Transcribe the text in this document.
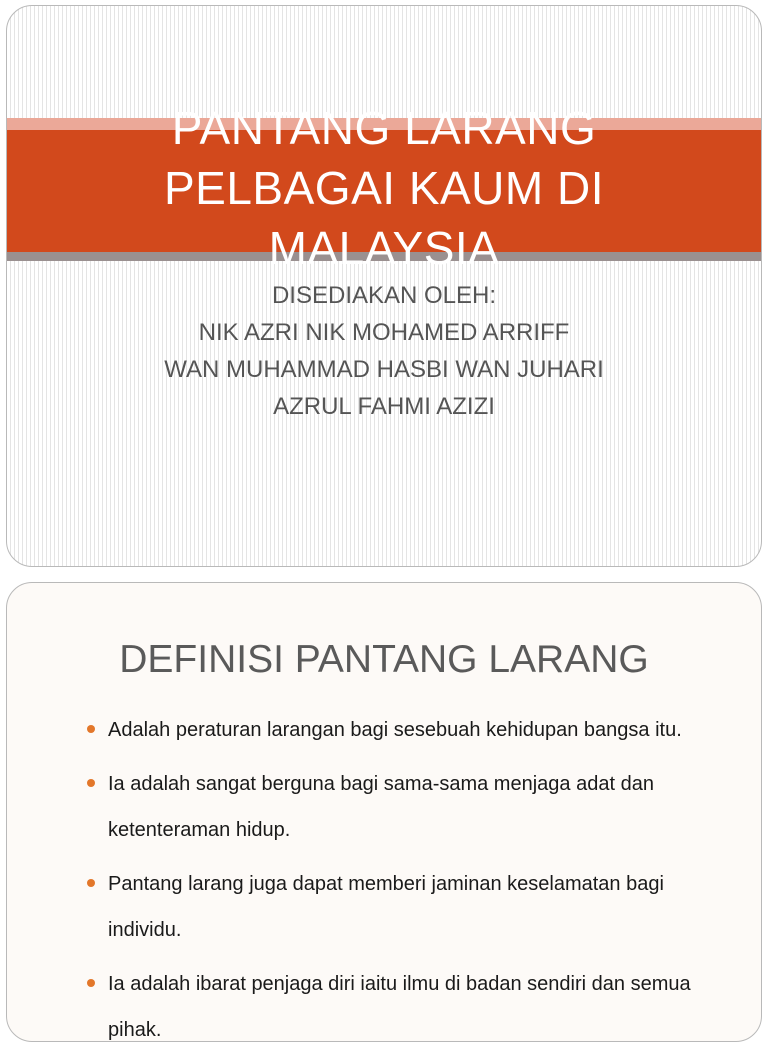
PANTANG LARANG
PELBAGAI KAUM DI
MALAYSIA
DISEDIAKAN OLEH:
NIK AZRI NIK MOHAMED ARRIFF
WAN MUHAMMAD HASBI WAN JUHARI
AZRUL FAHMI AZIZI
DEFINISI PANTANG LARANG
Adalah peraturan larangan bagi sesebuah kehidupan bangsa itu.
Ia adalah sangat berguna bagi sama-sama menjaga adat dan ketenteraman hidup.
Pantang larang juga dapat memberi jaminan keselamatan bagi individu.
Ia adalah ibarat penjaga diri iaitu ilmu di badan sendiri dan semua pihak.
